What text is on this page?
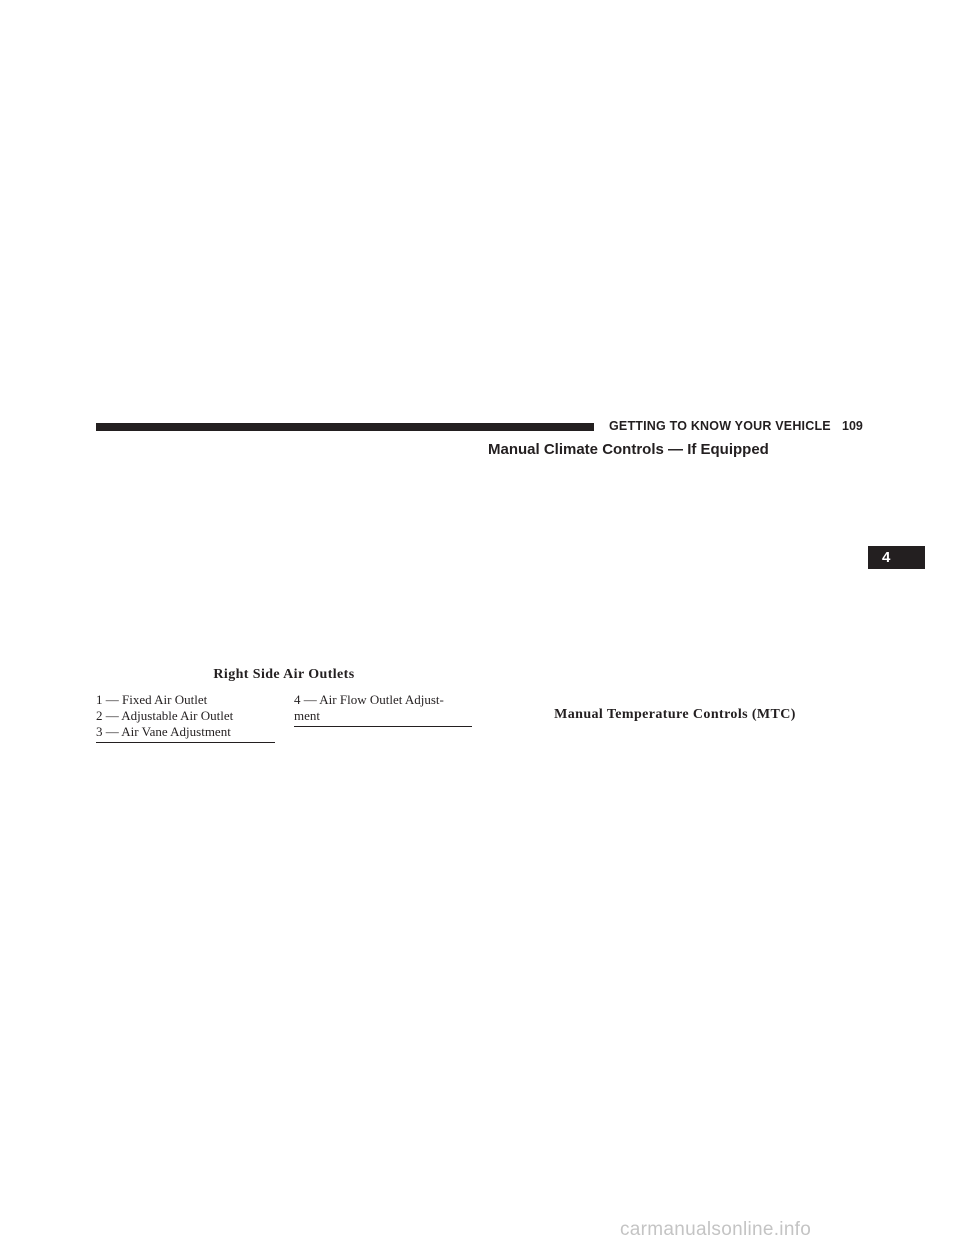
GETTING TO KNOW YOUR VEHICLE 109
Manual Climate Controls — If Equipped
4
Right Side Air Outlets
1 — Fixed Air Outlet
2 — Adjustable Air Outlet
3 — Air Vane Adjustment
4 — Air Flow Outlet Adjust- ment	Manual Temperature Controls (MTC)
carmanualsonline.info
